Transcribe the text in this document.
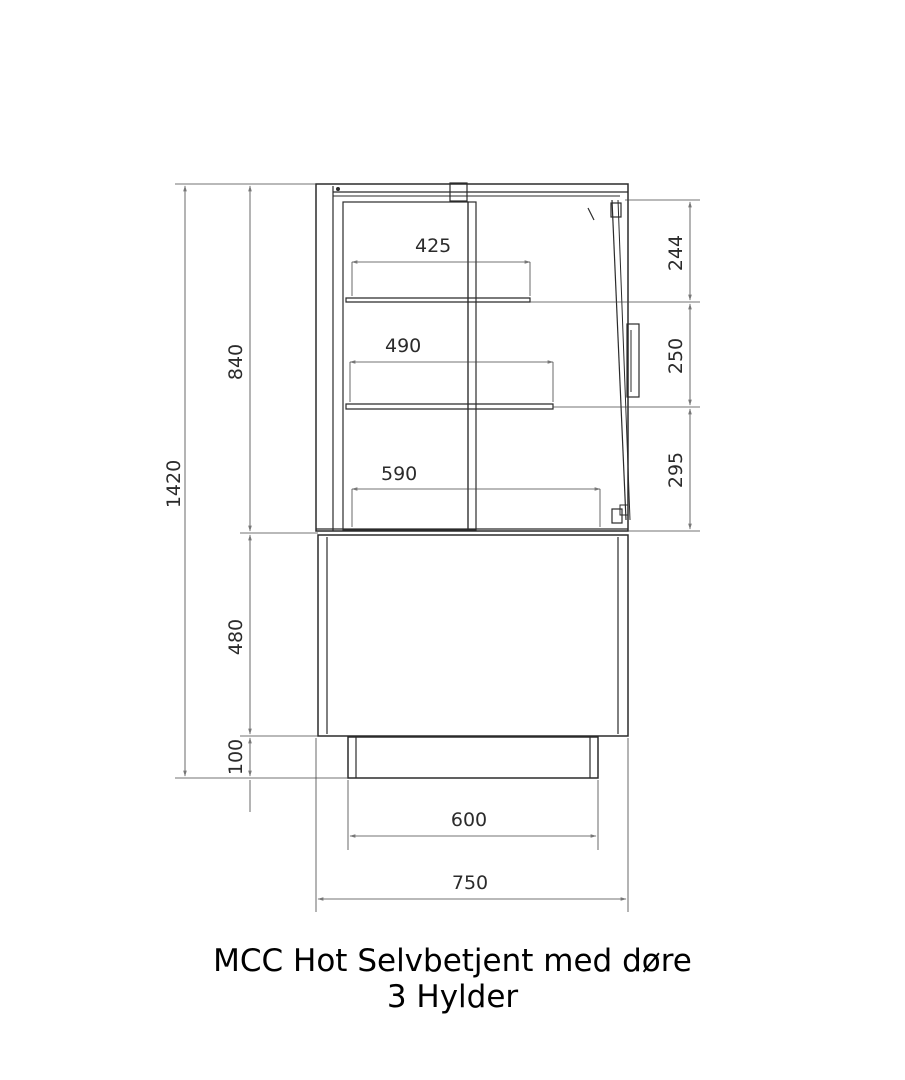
1420
840
480
100
244
250
295
425
490
590
600
750
MCC Hot Selvbetjent med døre
3 Hylder
